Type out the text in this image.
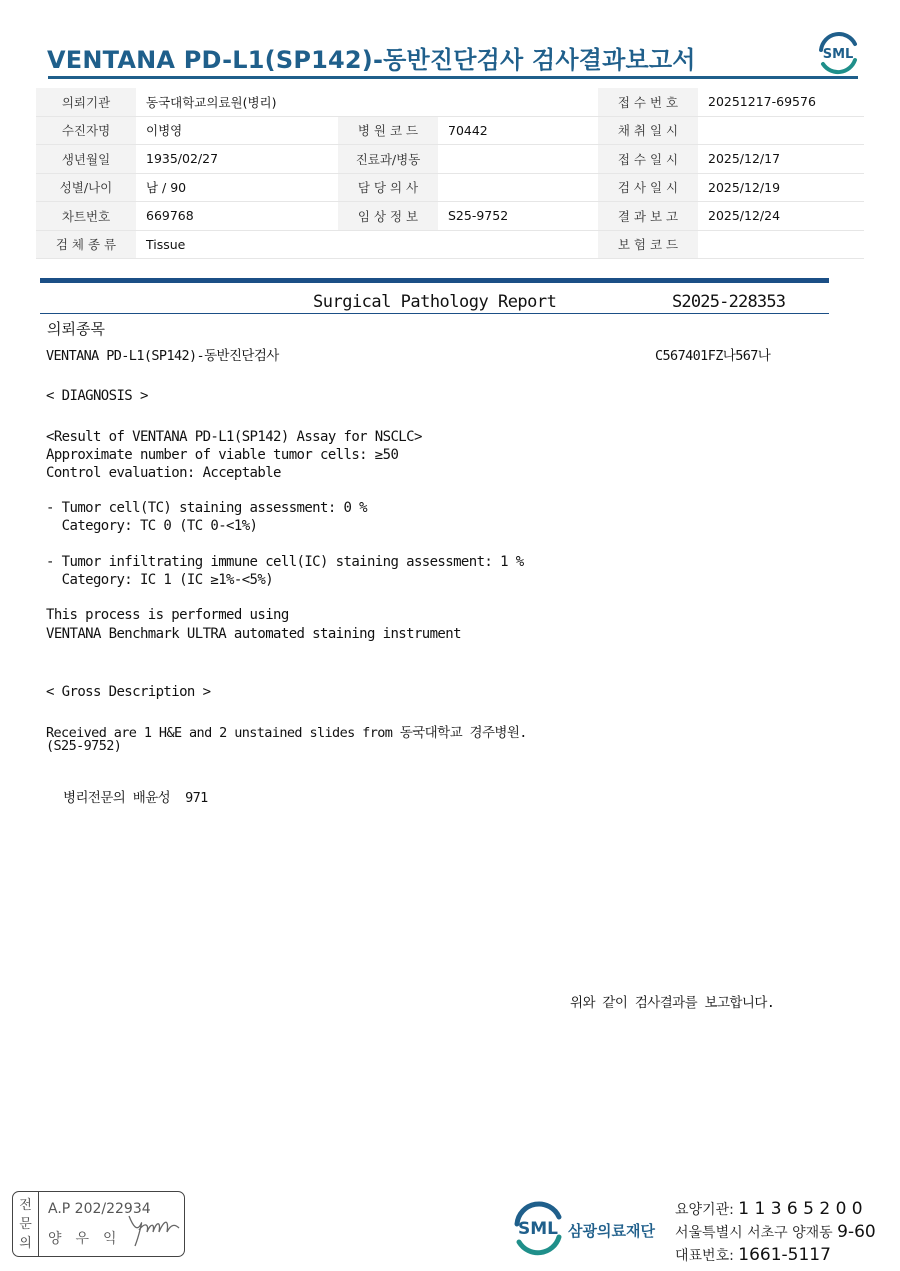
VENTANA PD-L1(SP142)-동반진단검사 검사결과보고서	SML
의뢰기관	동국대학교의료원(병리)			접 수 번 호	20251217-69576
수진자명	이병영	병 원 코 드	70442	채 취 일 시	
생년월일	1935/02/27	진료과/병동		접 수 일 시	2025/12/17
성별/나이	남 / 90	담 당 의 사		검 사 일 시	2025/12/19
차트번호	669768	임 상 정 보	S25-9752	결 과 보 고	2025/12/24
검 체 종 류	Tissue			보 험 코 드	
Surgical Pathology Report	S2025-228353
의뢰종목
VENTANA PD-L1(SP142)-동반진단검사	C567401FZ나567나
< DIAGNOSIS >
<Result of VENTANA PD-L1(SP142) Assay for NSCLC>
Approximate number of viable tumor cells: ≥50
Control evaluation: Acceptable
- Tumor cell(TC) staining assessment: 0 %
Category: TC 0 (TC 0-<1%)
- Tumor infiltrating immune cell(IC) staining assessment: 1 %
Category: IC 1 (IC ≥1%-<5%)
This process is performed using
VENTANA Benchmark ULTRA automated staining instrument
< Gross Description >
Received are 1 H&E and 2 unstained slides from 동국대학교 경주병원.
(S25-9752)
병리전문의 배윤성  971
위와 같이 검사결과를 보고합니다.
전
문
의
A.P 202/22934
양우익	SML 삼광의료재단
요양기관: 1 1 3 6 5 2 0 0
서울특별시 서초구 양재동 9-60
대표번호: 1661-5117
